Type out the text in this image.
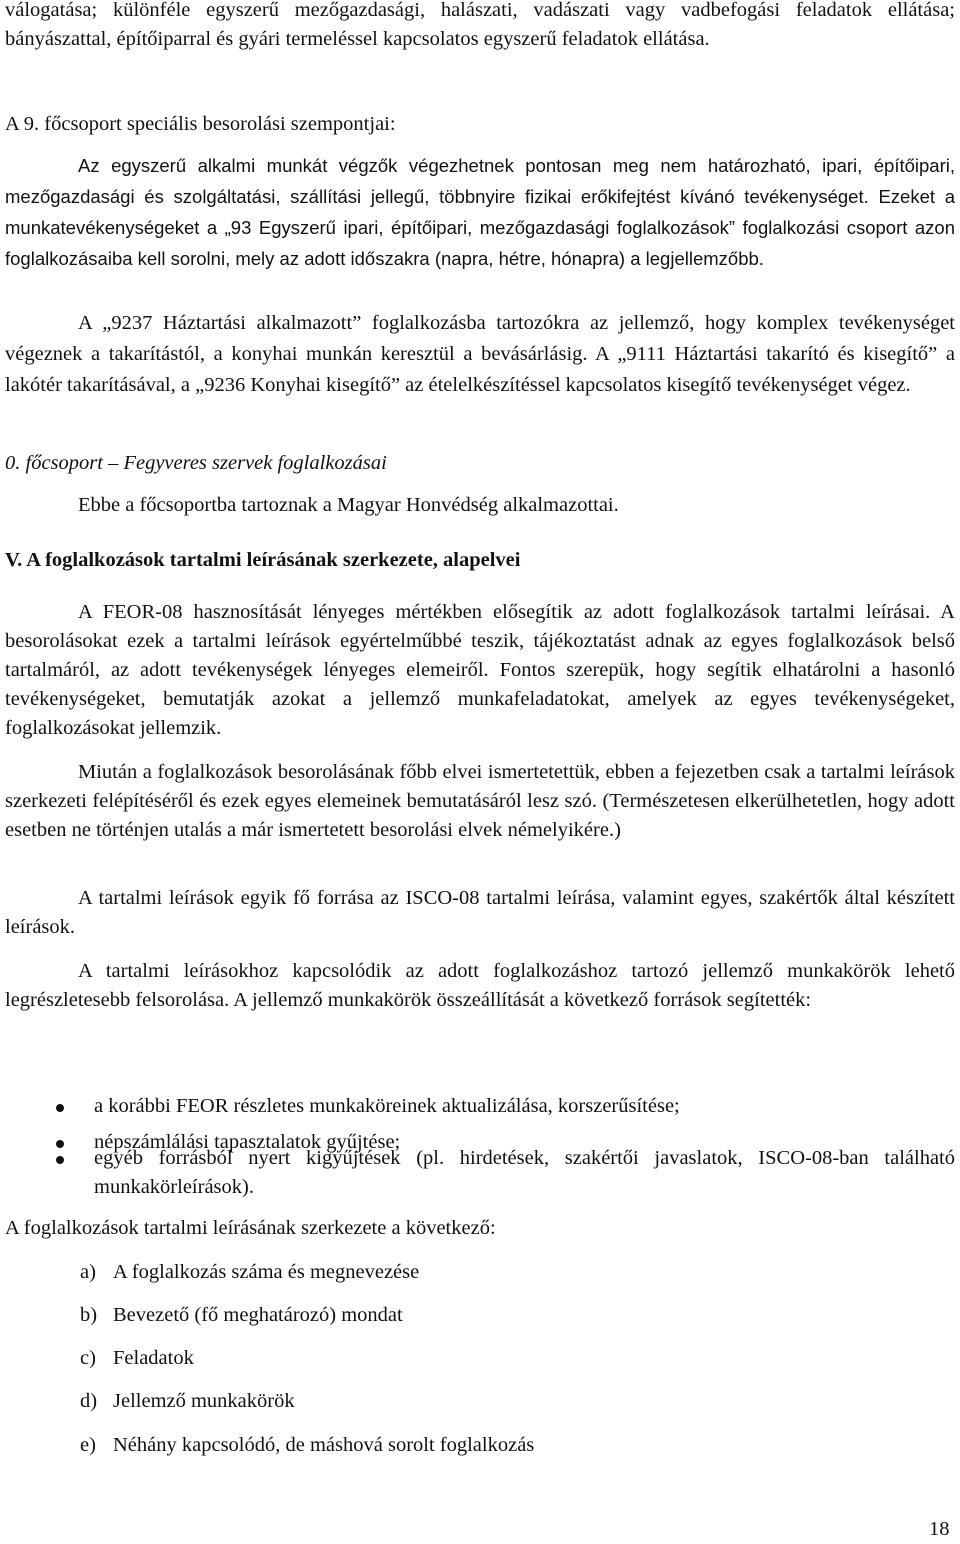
válogatása; különféle egyszerű mezőgazdasági, halászati, vadászati vagy vadbefogási feladatok ellátása; bányászattal, építőiparral és gyári termeléssel kapcsolatos egyszerű feladatok ellátása.

A 9. főcsoport speciális besorolási szempontjai:

Az egyszerű alkalmi munkát végzők végezhetnek pontosan meg nem határozható, ipari, építőipari, mezőgazdasági és szolgáltatási, szállítási jellegű, többnyire fizikai erőkifejtést kívánó tevékenységet. Ezeket a munkatevékenységeket a „93 Egyszerű ipari, építőipari, mezőgazdasági foglalkozások” foglalkozási csoport azon foglalkozásaiba kell sorolni, mely az adott időszakra (napra, hétre, hónapra) a legjellemzőbb.

A „9237 Háztartási alkalmazott” foglalkozásba tartozókra az jellemző, hogy komplex tevékenységet végeznek a takarítástól, a konyhai munkán keresztül a bevásárlásig. A „9111 Háztartási takarító és kisegítő” a lakótér takarításával, a „9236 Konyhai kisegítő” az ételelkészítéssel kapcsolatos kisegítő tevékenységet végez.

0. főcsoport – Fegyveres szervek foglalkozásai

Ebbe a főcsoportba tartoznak a Magyar Honvédség alkalmazottai.

V. A foglalkozások tartalmi leírásának szerkezete, alapelvei

A FEOR-08 hasznosítását lényeges mértékben elősegítik az adott foglalkozások tartalmi leírásai. A besorolásokat ezek a tartalmi leírások egyértelműbbé teszik, tájékoztatást adnak az egyes foglalkozások belső tartalmáról, az adott tevékenységek lényeges elemeiről. Fontos szerepük, hogy segítik elhatárolni a hasonló tevékenységeket, bemutatják azokat a jellemző munkafeladatokat, amelyek az egyes tevékenységeket, foglalkozásokat jellemzik.

Miután a foglalkozások besorolásának főbb elvei ismertetettük, ebben a fejezetben csak a tartalmi leírások szerkezeti felépítéséről és ezek egyes elemeinek bemutatásáról lesz szó. (Természetesen elkerülhetetlen, hogy adott esetben ne történjen utalás a már ismertetett besorolási elvek némelyikére.)

A tartalmi leírások egyik fő forrása az ISCO-08 tartalmi leírása, valamint egyes, szakértők által készített leírások.

A tartalmi leírásokhoz kapcsolódik az adott foglalkozáshoz tartozó jellemző munkakörök lehető legrészletesebb felsorolása. A jellemző munkakörök összeállítását a következő források segítették:

a korábbi FEOR részletes munkaköreinek aktualizálása, korszerűsítése;

népszámlálási tapasztalatok gyűjtése;

egyéb forrásból nyert kigyűjtések (pl. hirdetések, szakértői javaslatok, ISCO-08-ban található munkakörleírások).

A foglalkozások tartalmi leírásának szerkezete a következő:

a) A foglalkozás száma és megnevezése
b) Bevezető (fő meghatározó) mondat
c) Feladatok
d) Jellemző munkakörök
e) Néhány kapcsolódó, de máshová sorolt foglalkozás
18
